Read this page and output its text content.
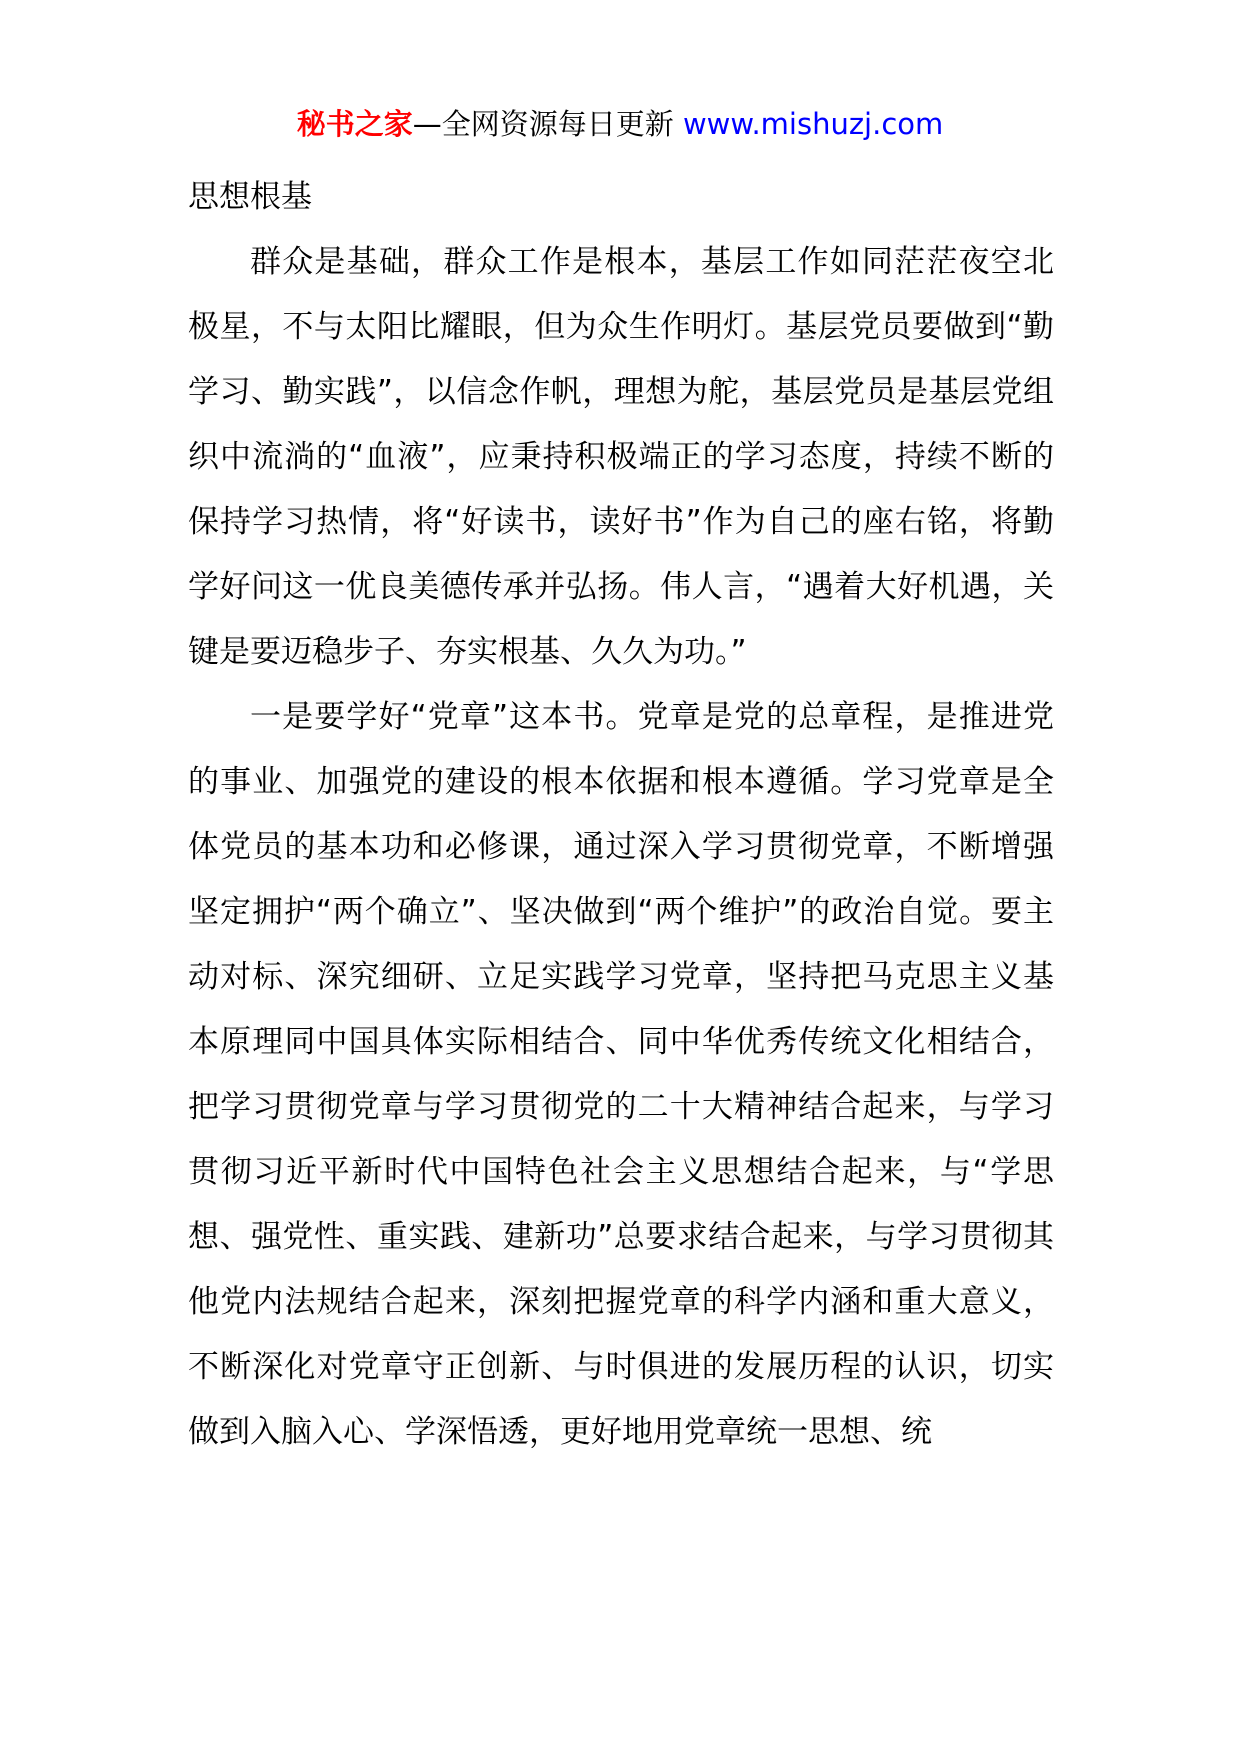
秘书之家—全网资源每日更新 www.mishuzj.com

思想根基

群众是基础，群众工作是根本，基层工作如同茫茫夜空北极星，不与太阳比耀眼，但为众生作明灯。基层党员要做到“勤学习、勤实践”，以信念作帆，理想为舵，基层党员是基层党组织中流淌的“血液”，应秉持积极端正的学习态度，持续不断的保持学习热情，将“好读书，读好书”作为自己的座右铭，将勤学好问这一优良美德传承并弘扬。伟人言，“遇着大好机遇，关键是要迈稳步子、夯实根基、久久为功。”

一是要学好“党章”这本书。党章是党的总章程，是推进党的事业、加强党的建设的根本依据和根本遵循。学习党章是全体党员的基本功和必修课，通过深入学习贯彻党章，不断增强坚定拥护“两个确立”、坚决做到“两个维护”的政治自觉。要主动对标、深究细研、立足实践学习党章，坚持把马克思主义基本原理同中国具体实际相结合、同中华优秀传统文化相结合，把学习贯彻党章与学习贯彻党的二十大精神结合起来，与学习贯彻习近平新时代中国特色社会主义思想结合起来，与“学思想、强党性、重实践、建新功”总要求结合起来，与学习贯彻其他党内法规结合起来，深刻把握党章的科学内涵和重大意义，不断深化对党章守正创新、与时俱进的发展历程的认识，切实做到入脑入心、学深悟透，更好地用党章统一思想、统
